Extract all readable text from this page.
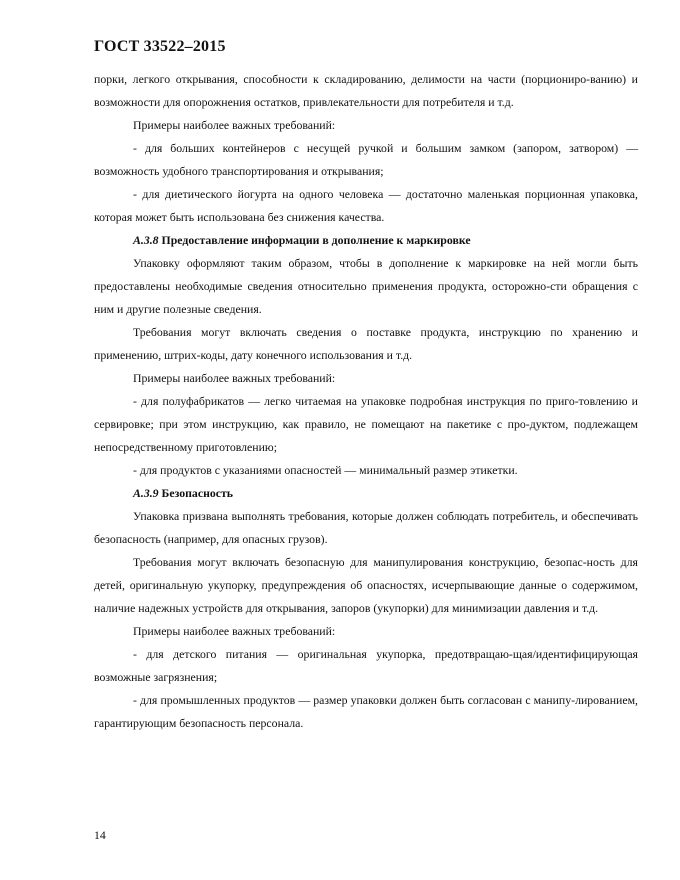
ГОСТ 33522–2015

порки, легкого открывания, способности к складированию, делимости на части (порциониро-ванию) и возможности для опорожнения остатков, привлекательности для потребителя и т.д.

Примеры наиболее важных требований:

- для больших контейнеров с несущей ручкой и большим замком (запором, затвором) — возможность удобного транспортирования и открывания;

- для диетического йогурта на одного человека — достаточно маленькая порционная упаковка, которая может быть использована без снижения качества.

А.3.8 Предоставление информации в дополнение к маркировке

Упаковку оформляют таким образом, чтобы в дополнение к маркировке на ней могли быть предоставлены необходимые сведения относительно применения продукта, осторожно-сти обращения с ним и другие полезные сведения.

Требования могут включать сведения о поставке продукта, инструкцию по хранению и применению, штрих-коды, дату конечного использования и т.д.

Примеры наиболее важных требований:

- для полуфабрикатов — легко читаемая на упаковке подробная инструкция по приго-товлению и сервировке; при этом инструкцию, как правило, не помещают на пакетике с про-дуктом, подлежащем непосредственному приготовлению;

- для продуктов с указаниями опасностей — минимальный размер этикетки.

А.3.9 Безопасность

Упаковка призвана выполнять требования, которые должен соблюдать потребитель, и обеспечивать безопасность (например, для опасных грузов).

Требования могут включать безопасную для манипулирования конструкцию, безопас-ность для детей, оригинальную укупорку, предупреждения об опасностях, исчерпывающие данные о содержимом, наличие надежных устройств для открывания, запоров (укупорки) для минимизации давления и т.д.

Примеры наиболее важных требований:

- для детского питания — оригинальная укупорка, предотвращаю-щая/идентифицирующая возможные загрязнения;

- для промышленных продуктов — размер упаковки должен быть согласован с манипу-лированием, гарантирующим безопасность персонала.

14
